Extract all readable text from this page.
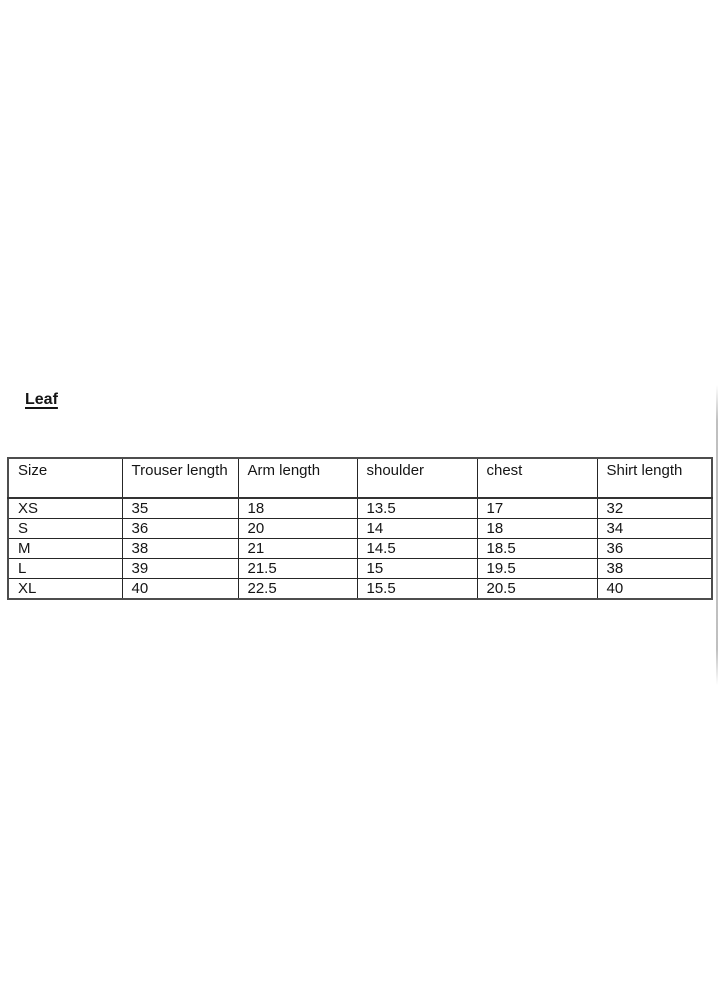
Leaf
Size	Trouser length	Arm length	shoulder	chest	Shirt length
XS	35	18	13.5	17	32
S	36	20	14	18	34
M	38	21	14.5	18.5	36
L	39	21.5	15	19.5	38
XL	40	22.5	15.5	20.5	40
